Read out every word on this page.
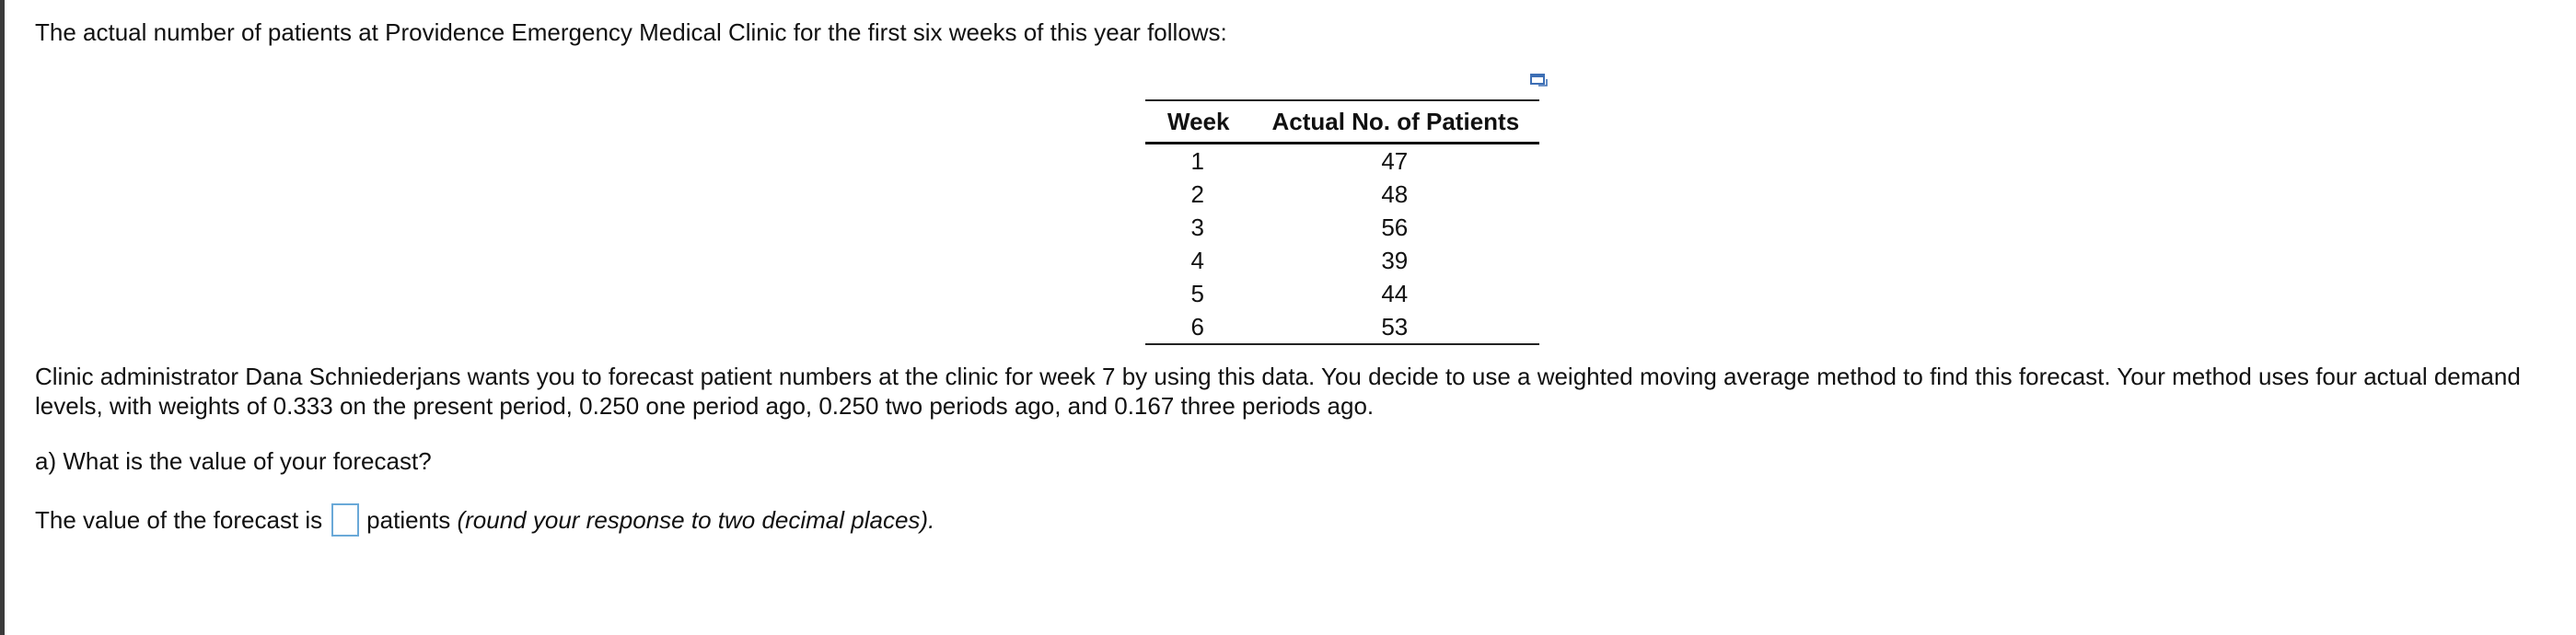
The actual number of patients at Providence Emergency Medical Clinic for the first six weeks of this year follows:
Week	Actual No. of Patients
1	47
2	48
3	56
4	39
5	44
6	53
Clinic administrator Dana Schniederjans wants you to forecast patient numbers at the clinic for week 7 by using this data. You decide to use a weighted moving average method to find this forecast. Your method uses four actual demand levels, with weights of 0.333 on the present period, 0.250 one period ago, 0.250 two periods ago, and 0.167 three periods ago.
a) What is the value of your forecast?
The value of the forecast is patients
(round your response to two decimal places).
